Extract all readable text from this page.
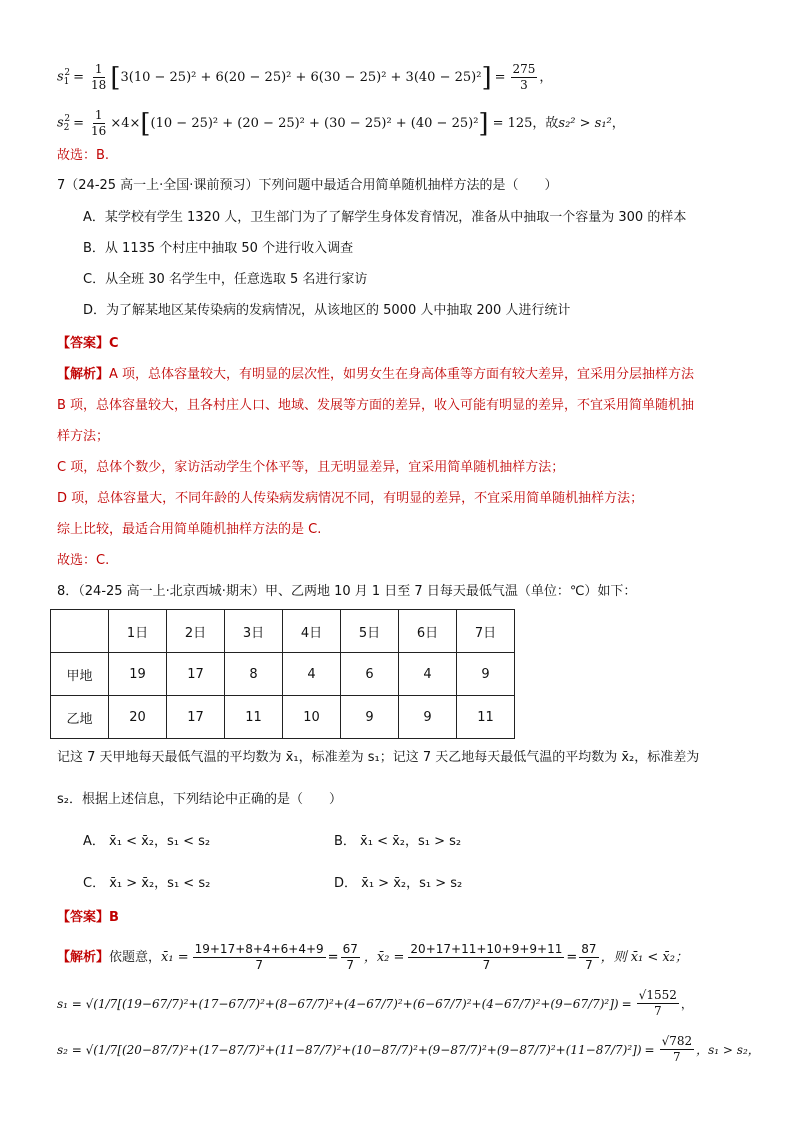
$s_1^2 = \frac{1}{18}$ [ 3(10 − 25)² + 6(20 − 25)² + 6(30 − 25)² + 3(40 − 25)² ] = $\frac{275}{3}$ ，
$s_2^2 = \frac{1}{16} \times 4\times$ [ (10 − 25)² + (20 − 25)² + (30 − 25)² + (40 − 25)² ] = 125，故 s₂² > s₁² ，
故选：B.
7（24-25 高一上·全国·课前预习）下列问题中最适合用简单随机抽样方法的是（　　）
A．某学校有学生 1320 人，卫生部门为了了解学生身体发育情况，准备从中抽取一个容量为 300 的样本
B．从 1135 个村庄中抽取 50 个进行收入调查
C．从全班 30 名学生中，任意选取 5 名进行家访
D．为了解某地区某传染病的发病情况，从该地区的 5000 人中抽取 200 人进行统计
【答案】C
【解析】A 项，总体容量较大，有明显的层次性，如男女生在身高体重等方面有较大差异，宜采用分层抽样方法
B 项，总体容量较大，且各村庄人口、地域、发展等方面的差异，收入可能有明显的差异，不宜采用简单随机抽
样方法；
C 项，总体个数少，家访活动学生个体平等，且无明显差异，宜采用简单随机抽样方法；
D 项，总体容量大，不同年龄的人传染病发病情况不同，有明显的差异，不宜采用简单随机抽样方法；
综上比较，最适合用简单随机抽样方法的是 C.
故选：C.
8．（24-25 高一上·北京西城·期末）甲、乙两地 10 月 1 日至 7 日每天最低气温（单位：℃）如下：
	1日	2日	3日	4日	5日	6日	7日
甲地	19	17	8	4	6	4	9
乙地	20	17	11	10	9	9	11
记这 7 天甲地每天最低气温的平均数为 x̄₁，标准差为 s₁；记这 7 天乙地每天最低气温的平均数为 x̄₂，标准差为
s₂．根据上述信息，下列结论中正确的是（　　）
A． x̄₁ < x̄₂，s₁ < s₂	B． x̄₁ < x̄₂，s₁ > s₂
C． x̄₁ > x̄₂，s₁ < s₂	D． x̄₁ > x̄₂，s₁ > s₂
【答案】B
【解析】 依题意， x̄₁ = $\frac{19+17+8+4+6+4+9}{7} = \frac{67}{7}$ ，x̄₂ = $\frac{20+17+11+10+9+9+11}{7} = \frac{87}{7}$ ，则 x̄₁ < x̄₂；
$s_1 = √(1/7[(19-67/7)^2+(17-67/7)^2+(8-67/7)^2+(4-67/7)^2+(6-67/7)^2+(4-67/7)^2+(9-67/7)^2]) = \frac{√1552}{7}$ ，
$s_2 = √(1/7[(20-87/7)^2+(17-87/7)^2+(11-87/7)^2+(10-87/7)^2+(9-87/7)^2+(9-87/7)^2+(11-87/7)^2]) = \frac{√782}{7}$ ，s₁ > s₂，
